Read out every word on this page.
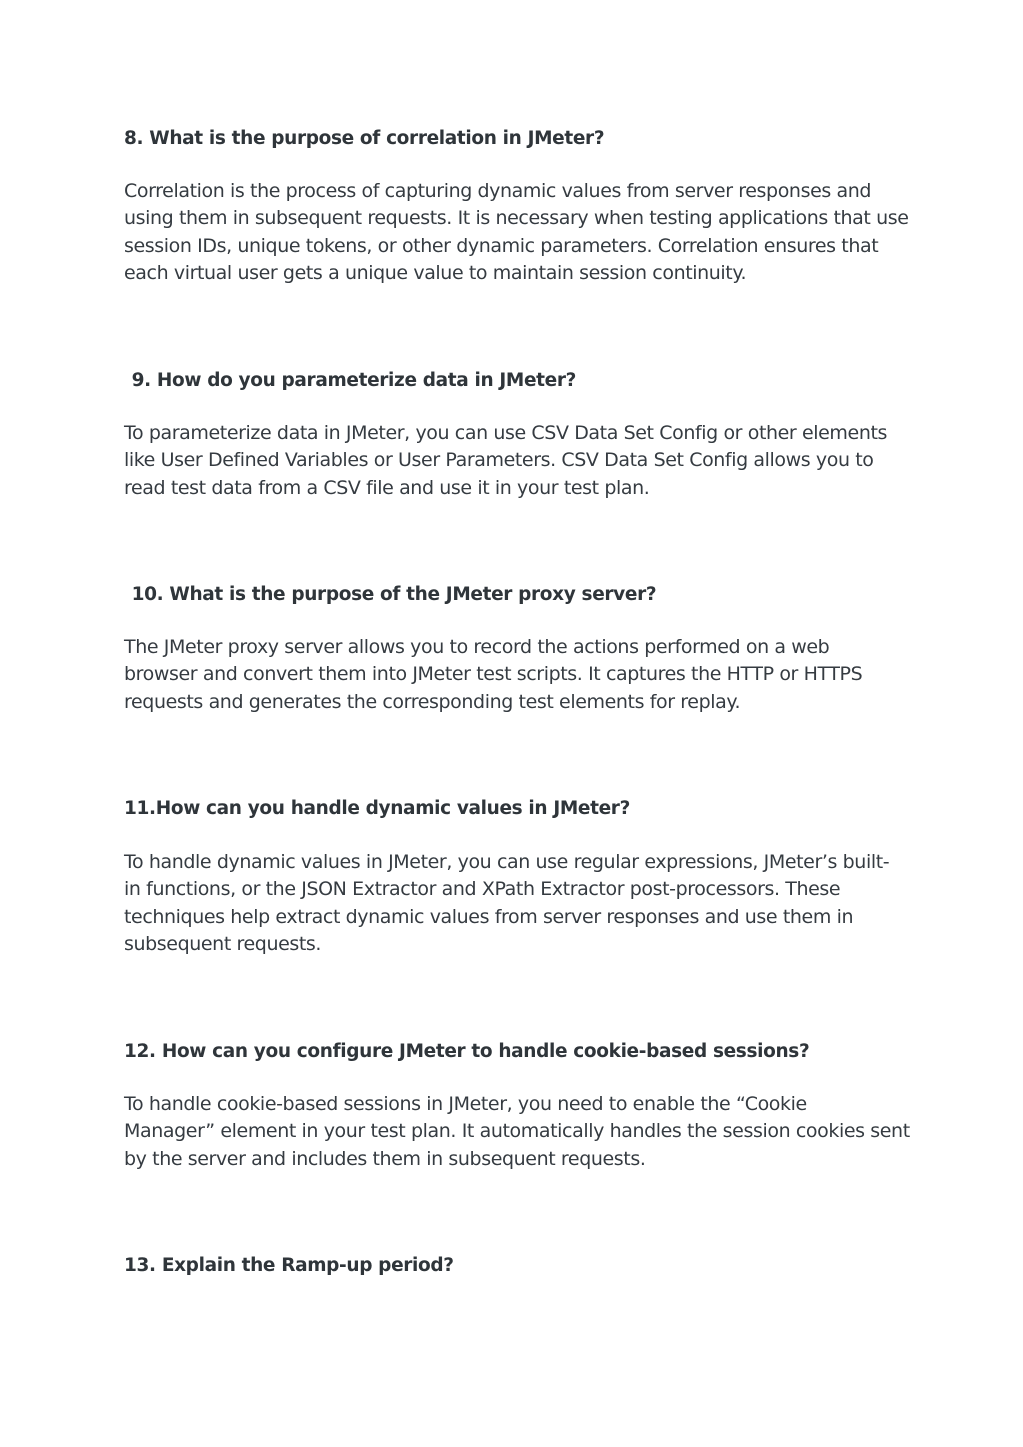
8. What is the purpose of correlation in JMeter?
Correlation is the process of capturing dynamic values from server responses and
using them in subsequent requests. It is necessary when testing applications that use
session IDs, unique tokens, or other dynamic parameters. Correlation ensures that
each virtual user gets a unique value to maintain session continuity.
  9. How do you parameterize data in JMeter?
To parameterize data in JMeter, you can use CSV Data Set Config or other elements
like User Defined Variables or User Parameters. CSV Data Set Config allows you to
read test data from a CSV file and use it in your test plan.
  10. What is the purpose of the JMeter proxy server?
The JMeter proxy server allows you to record the actions performed on a web
browser and convert them into JMeter test scripts. It captures the HTTP or HTTPS
requests and generates the corresponding test elements for replay.
11.How can you handle dynamic values in JMeter?
To handle dynamic values in JMeter, you can use regular expressions, JMeter’s built-
in functions, or the JSON Extractor and XPath Extractor post-processors. These
techniques help extract dynamic values from server responses and use them in
subsequent requests.
12. How can you configure JMeter to handle cookie-based sessions?
To handle cookie-based sessions in JMeter, you need to enable the “Cookie
Manager” element in your test plan. It automatically handles the session cookies sent
by the server and includes them in subsequent requests.
13. Explain the Ramp-up period?
